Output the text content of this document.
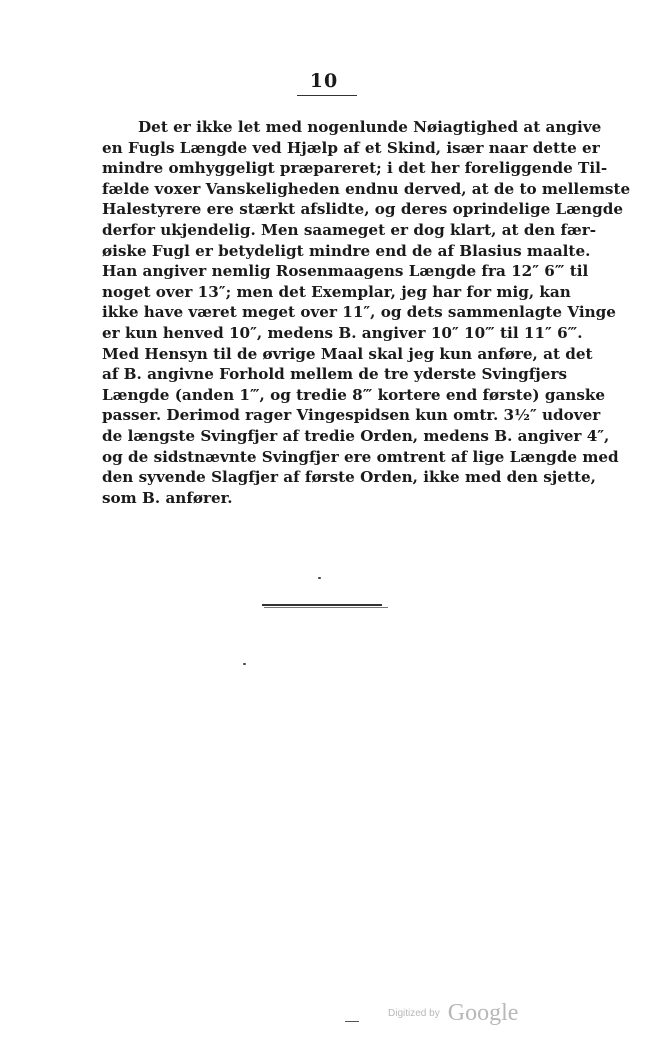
10
Det er ikke let med nogenlunde Nøiagtighed at angive
en Fugls Længde ved Hjælp af et Skind, især naar dette er
mindre omhyggeligt præpareret; i det her foreliggende Til-
fælde voxer Vanskeligheden endnu derved, at de to mellemste
Halestyrere ere stærkt afslidte, og deres oprindelige Længde
derfor ukjendelig. Men saameget er dog klart, at den fær-
øiske Fugl er betydeligt mindre end de af Blasius maalte.
Han angiver nemlig Rosenmaagens Længde fra 12″ 6‴ til
noget over 13″; men det Exemplar, jeg har for mig, kan
ikke have været meget over 11″, og dets sammenlagte Vinge
er kun henved 10″, medens B. angiver 10″ 10‴ til 11″ 6‴.
Med Hensyn til de øvrige Maal skal jeg kun anføre, at det
af B. angivne Forhold mellem de tre yderste Svingfjers
Længde (anden 1‴, og tredie 8‴ kortere end første) ganske
passer. Derimod rager Vingespidsen kun omtr. 3½″ udover
de længste Svingfjer af tredie Orden, medens B. angiver 4″,
og de sidstnævnte Svingfjer ere omtrent af lige Længde med
den syvende Slagfjer af første Orden, ikke med den sjette,
som B. anfører.
Digitized by Google
